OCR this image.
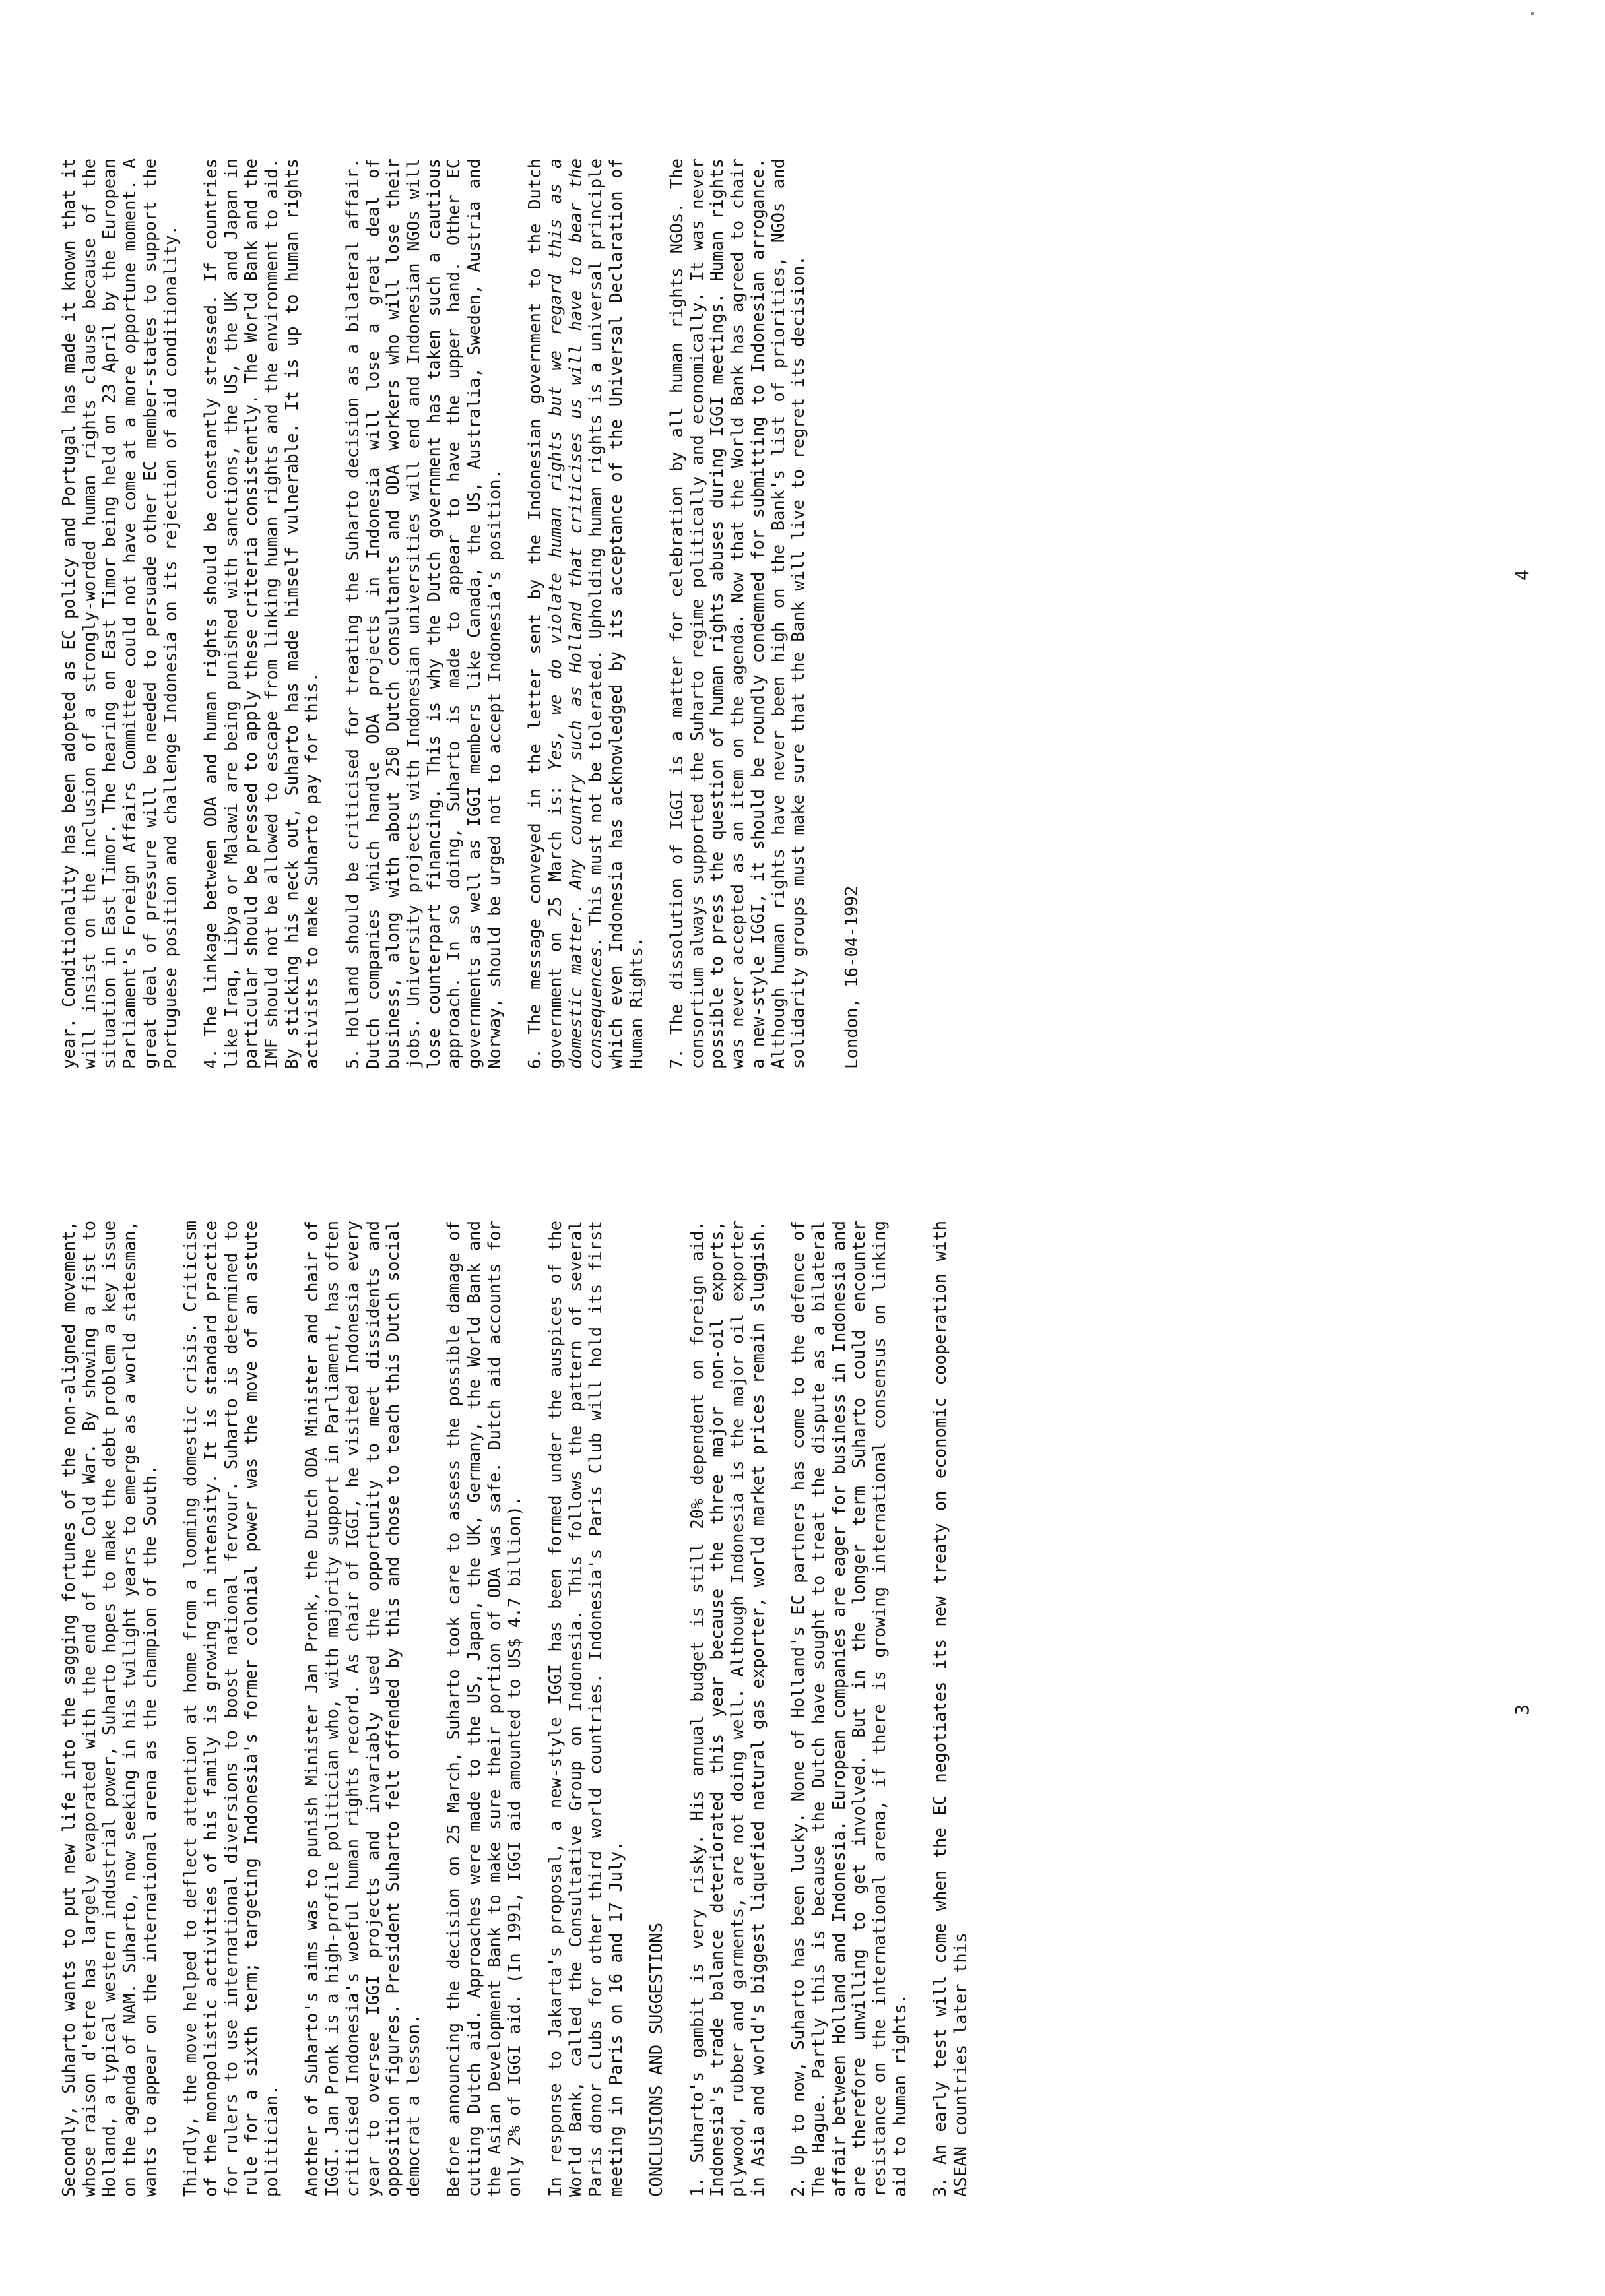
Secondly, Suharto wants to put new life into the sagging fortunes of the non-aligned movement, whose raison d'etre has largely evaporated with the end of the Cold War. By showing a fist to Holland, a typical western industrial power, Suharto hopes to make the debt problem a key issue on the agenda of NAM. Suharto, now seeking in his twilight years to emerge as a world statesman, wants to appear on the international arena as the champion of the South. Thirdly, the move helped to deflect attention at home from a looming domestic crisis. Criticism of the monopolistic activities of his family is growing in intensity. It is standard practice for rulers to use international diversions to boost national fervour. Suharto is determined to rule for a sixth term; targeting Indonesia's former colonial power was the move of an astute politician. Another of Suharto's aims was to punish Minister Jan Pronk, the Dutch ODA Minister and chair of IGGI. Jan Pronk is a high-profile politician who, with majority support in Parliament, has often criticised Indonesia's woeful human rights record. As chair of IGGI, he visited Indonesia every year to oversee IGGI projects and invariably used the opportunity to meet dissidents and opposition figures. President Suharto felt offended by this and chose to teach this Dutch social democrat a lesson. Before announcing the decision on 25 March, Suharto took care to assess the possible damage of cutting Dutch aid. Approaches were made to the US, Japan, the UK, Germany, the World Bank and the Asian Development Bank to make sure their portion of ODA was safe. Dutch aid accounts for only 2% of IGGI aid. (In 1991, IGGI aid amounted to US$ 4.7 billion). In response to Jakarta's proposal, a new-style IGGI has been formed under the auspices of the World Bank, called the Consultative Group on Indonesia. This follows the pattern of several Paris donor clubs for other third world countries. Indonesia's Paris Club will hold its first meeting in Paris on 16 and 17 July. CONCLUSIONS AND SUGGESTIONS 1. Suharto's gambit is very risky. His annual budget is still 20% dependent on foreign aid. Indonesia's trade balance deteriorated this year because the three major non-oil exports, plywood, rubber and garments, are not doing well. Although Indonesia is the major oil exporter in Asia and world's biggest liquefied natural gas exporter, world market prices remain sluggish. 2. Up to now, Suharto has been lucky. None of Holland's EC partners has come to the defence of The Hague. Partly this is because the Dutch have sought to treat the dispute as a bilateral affair between Holland and Indonesia. European companies are eager for business in Indonesia and are therefore unwilling to get involved. But in the longer term Suharto could encounter resistance on the international arena, if there is growing international consensus on linking aid to human rights. 3. An early test will come when the EC negotiates its new treaty on economic cooperation with ASEAN countries later this

3

year. Conditionality has been adopted as EC policy and Portugal has made it known that it will insist on the inclusion of a strongly-worded human rights clause because of the situation in East Timor. The hearing on East Timor being held on 23 April by the European Parliament's Foreign Affairs Committee could not have come at a more opportune moment. A great deal of pressure will be needed to persuade other EC member-states to support the Portuguese position and challenge Indonesia on its rejection of aid conditionality. 4. The linkage between ODA and human rights should be constantly stressed. If countries like Iraq, Libya or Malawi are being punished with sanctions, the US, the UK and Japan in particular should be pressed to apply these criteria consistently. The World Bank and the IMF should not be allowed to escape from linking human rights and the environment to aid. By sticking his neck out, Suharto has made himself vulnerable. It is up to human rights activists to make Suharto pay for this. 5. Holland should be criticised for treating the Suharto decision as a bilateral affair. Dutch companies which handle ODA projects in Indonesia will lose a great deal of business, along with about 250 Dutch consultants and ODA workers who will lose their jobs. University projects with Indonesian universities will end and Indonesian NGOs will lose counterpart financing. This is why the Dutch government has taken such a cautious approach. In so doing, Suharto is made to appear to have the upper hand. Other EC governments as well as IGGI members like Canada, the US, Australia, Sweden, Austria and Norway, should be urged not to accept Indonesia's position. 6. The message conveyed in the letter sent by the Indonesian government to the Dutch government on 25 March is: Yes, we do violate human rights but we regard this as a domestic matter. Any country such as Holland that criticises us will have to bear the consequences. This must not be tolerated. Upholding human rights is a universal principle which even Indonesia has acknowledged by its acceptance of the Universal Declaration of Human Rights. 7. The dissolution of IGGI is a matter for celebration by all human rights NGOs. The consortium always supported the Suharto regime politically and economically. It was never possible to press the question of human rights abuses during IGGI meetings. Human rights was never accepted as an item on the agenda. Now that the World Bank has agreed to chair a new-style IGGI, it should be roundly condemned for submitting to Indonesian arrogance. Although human rights have never been high on the Bank's list of priorities, NGOs and solidarity groups must make sure that the Bank will live to regret its decision. London, 16-04-1992

4
